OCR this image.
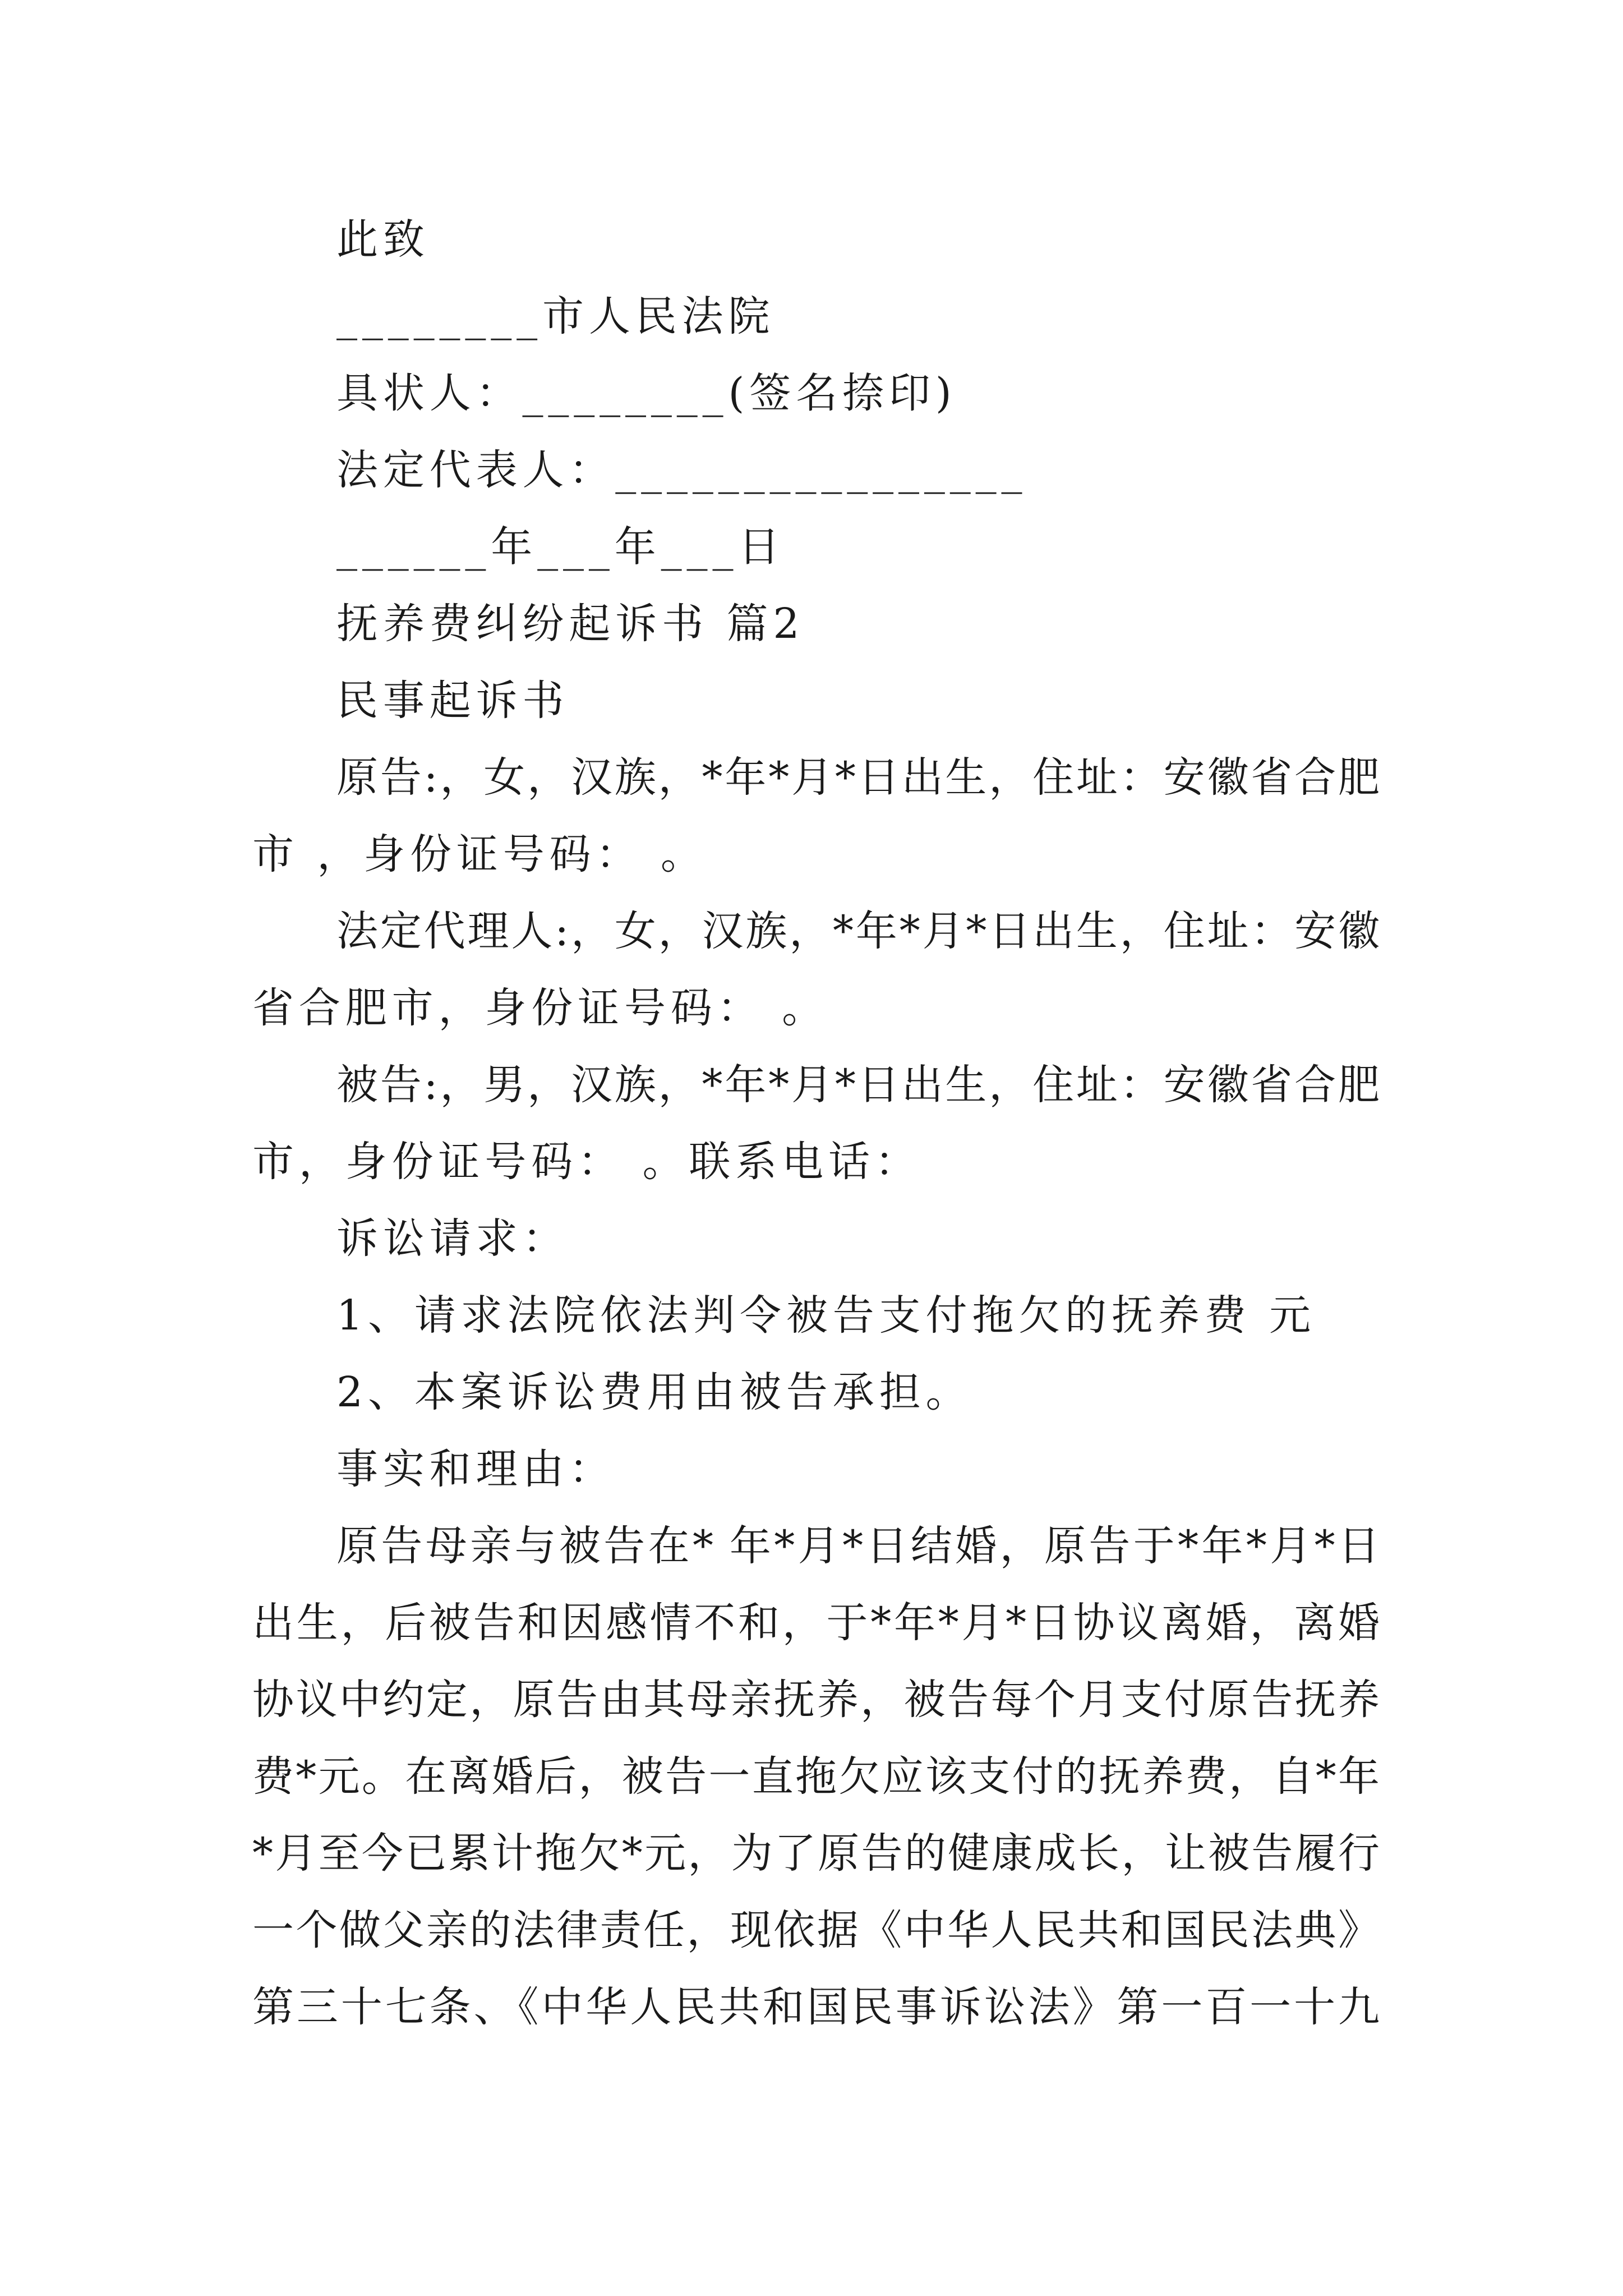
此致
________市人民法院
具状人：________(签名捺印)
法定代表人：________________
______年___年___日
抚养费纠纷起诉书 篇2
民事起诉书
原告:，女，汉族，*年*月*日出生，住址：安徽省合肥
市 ，身份证号码： 。
法定代理人:，女，汉族，*年*月*日出生，住址：安徽
省合肥市，身份证号码： 。
被告:，男，汉族，*年*月*日出生，住址：安徽省合肥
市，身份证号码： 。联系电话：
诉讼请求：
1、请求法院依法判令被告支付拖欠的抚养费 元
2、本案诉讼费用由被告承担。
事实和理由：
原告母亲与被告在* 年*月*日结婚，原告于*年*月*日
出生，后被告和因感情不和，于*年*月*日协议离婚，离婚
协议中约定，原告由其母亲抚养，被告每个月支付原告抚养
费*元。在离婚后，被告一直拖欠应该支付的抚养费，自*年
*月至今已累计拖欠*元，为了原告的健康成长，让被告履行
一个做父亲的法律责任，现依据《中华人民共和国民法典》
第三十七条、《中华人民共和国民事诉讼法》第一百一十九
